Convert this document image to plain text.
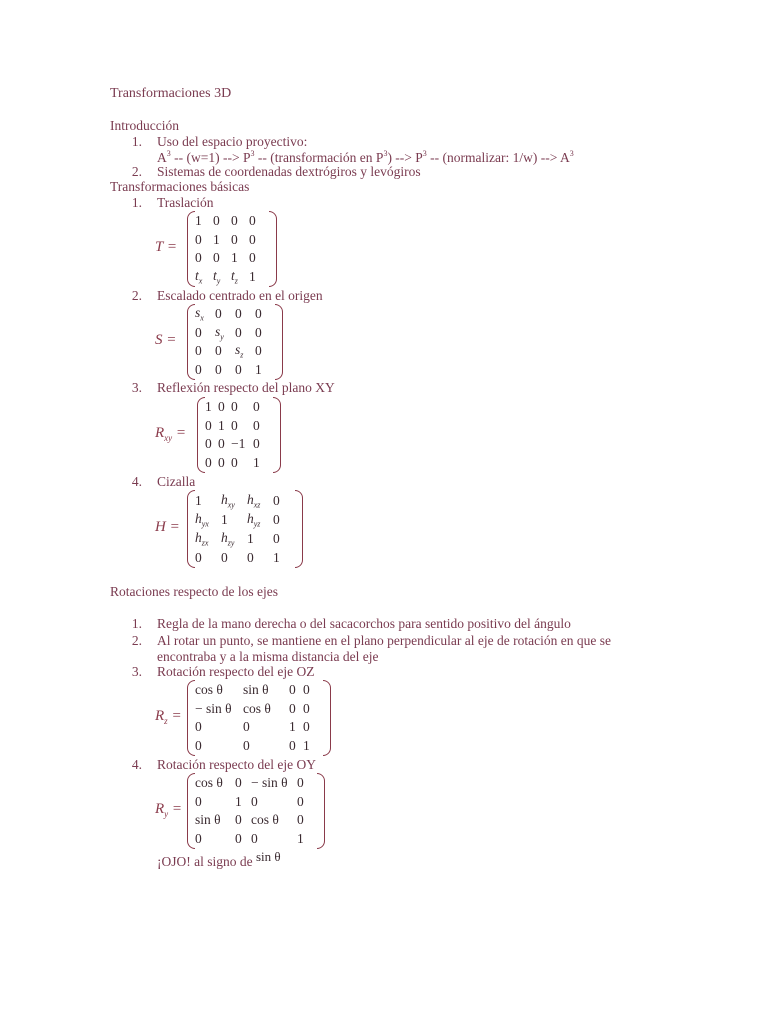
Transformaciones 3D
Introducción
1. Uso del espacio proyectivo:
$A^3 -- (w=1)$ --> $P^3$ -- (transformación en $P^3$) --> $P^3$ -- (normalizar: 1/w) --> $A^3$
2. Sistemas de coordenadas dextrógiros y levógiros
Transformaciones básicas
1. Traslación
T =
1 0 0 0
0 1 0 0
0 0 1 0
$t_x$ $t_y$ $t_z$ 1
2. Escalado centrado en el origen
S =
$s_x$ 0 0 0
0 $s_y$ 0 0
0 0 $s_z$ 0
0 0 0 1
3. Reflexión respecto del plano XY
$R_{xy}$ =
1 0 0	0
0 1 0	0
0 0 −1 0
0 0 0	1
4. Cizalla
H =
1	$h_{xy}$ $h_{xz}$ 0
$h_{yx}$ 1	$h_{yz}$ 0
$h_{zx}$ $h_{zy}$ 1	0
0	0	0	1
Rotaciones respecto de los ejes
1. Regla de la mano derecha o del sacacorchos para sentido positivo del ángulo
2. Al rotar un punto, se mantiene en el plano perpendicular al eje de rotación en que se
encontraba y a la misma distancia del eje
3. Rotación respecto del eje OZ
$R_z$ =
cos θ	sin θ	0 0
− sin θ cos θ	0 0
0	0	1 0
0	0	0 1
4. Rotación respecto del eje OY
$R_y$ =
cos θ 0 − sin θ 0
0	1 0	0
sin θ	0 cos θ	0
0	0 0	1
¡OJO! al signo de sin θ
